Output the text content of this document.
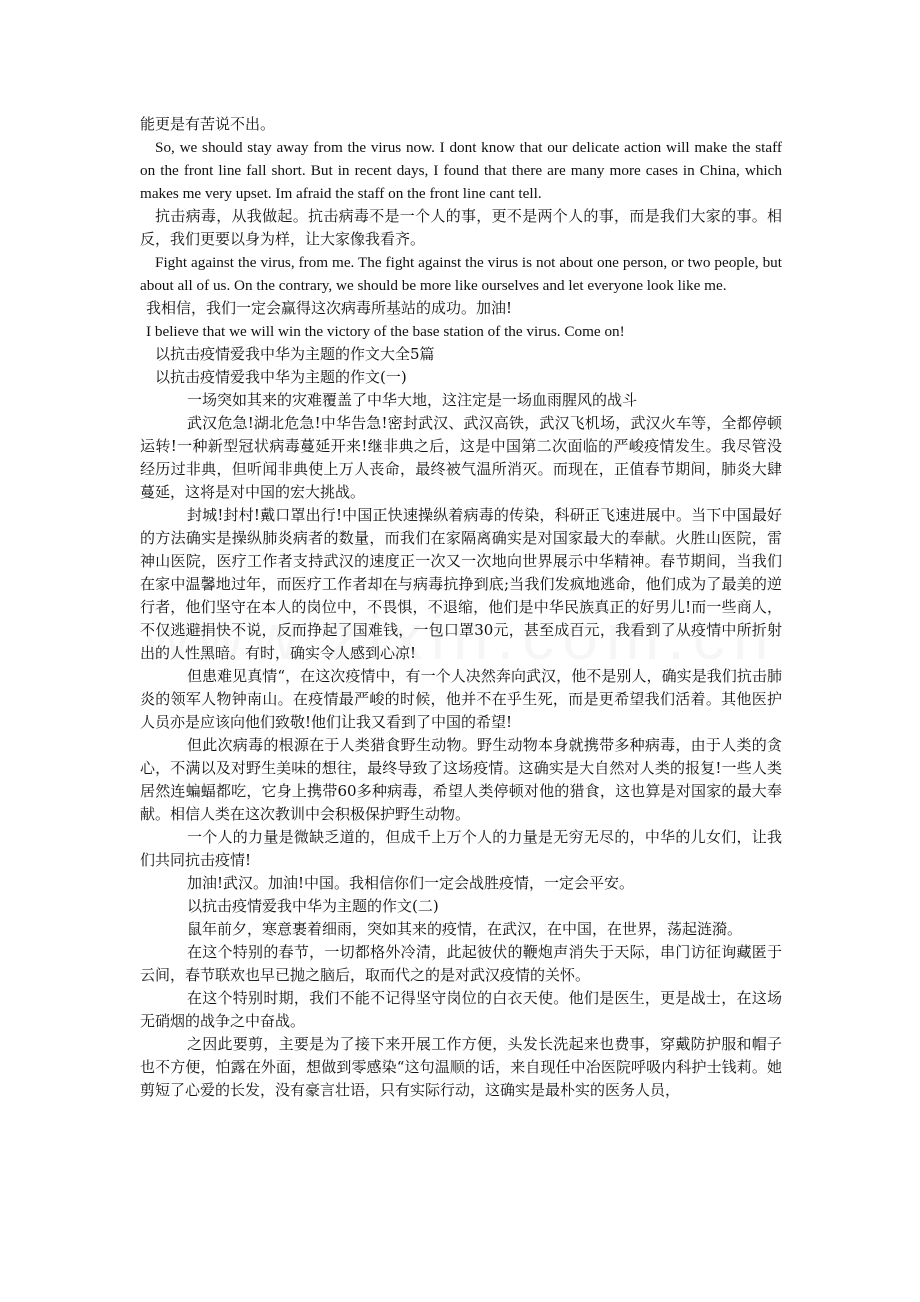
能更是有苦说不出。

So, we should stay away from the virus now. I dont know that our delicate action will make the staff on the front line fall short. But in recent days, I found that there are many more cases in China, which makes me very upset. Im afraid the staff on the front line cant tell.

抗击病毒，从我做起。抗击病毒不是一个人的事，更不是两个人的事，而是我们大家的事。相反，我们更要以身为样，让大家像我看齐。

Fight against the virus, from me. The fight against the virus is not about one person, or two people, but about all of us. On the contrary, we should be more like ourselves and let everyone look like me.

我相信，我们一定会赢得这次病毒所基站的成功。加油!

I believe that we will win the victory of the base station of the virus. Come on!

以抗击疫情爱我中华为主题的作文大全5篇

以抗击疫情爱我中华为主题的作文(一)

一场突如其来的灾难覆盖了中华大地，这注定是一场血雨腥风的战斗

武汉危急!湖北危急!中华告急!密封武汉、武汉高铁，武汉飞机场，武汉火车等，全都停顿运转!一种新型冠状病毒蔓延开来!继非典之后，这是中国第二次面临的严峻疫情发生。我尽管没经历过非典，但听闻非典使上万人丧命，最终被气温所消灭。而现在，正值春节期间，肺炎大肆蔓延，这将是对中国的宏大挑战。

封城!封村!戴口罩出行!中国正快速操纵着病毒的传染，科研正飞速进展中。当下中国最好的方法确实是操纵肺炎病者的数量，而我们在家隔离确实是对国家最大的奉献。火胜山医院，雷神山医院，医疗工作者支持武汉的速度正一次又一次地向世界展示中华精神。春节期间，当我们在家中温馨地过年，而医疗工作者却在与病毒抗挣到底;当我们发疯地逃命，他们成为了最美的逆行者，他们坚守在本人的岗位中，不畏惧，不退缩，他们是中华民族真正的好男儿!而一些商人，不仅逃避捐快不说，反而挣起了国难钱，一包口罩30元，甚至成百元，我看到了从疫情中所折射出的人性黑暗。有时，确实令人感到心凉!

但患难见真情“，在这次疫情中，有一个人决然奔向武汉，他不是别人，确实是我们抗击肺炎的领军人物钟南山。在疫情最严峻的时候，他并不在乎生死，而是更希望我们活着。其他医护人员亦是应该向他们致敬!他们让我又看到了中国的希望!

但此次病毒的根源在于人类猎食野生动物。野生动物本身就携带多种病毒，由于人类的贪心，不满以及对野生美味的想往，最终导致了这场疫情。这确实是大自然对人类的报复!一些人类居然连蝙蝠都吃，它身上携带60多种病毒，希望人类停顿对他的猎食，这也算是对国家的最大奉献。相信人类在这次教训中会积极保护野生动物。

一个人的力量是微缺乏道的，但成千上万个人的力量是无穷无尽的，中华的儿女们，让我们共同抗击疫情!

加油!武汉。加油!中国。我相信你们一定会战胜疫情，一定会平安。

以抗击疫情爱我中华为主题的作文(二)

鼠年前夕，寒意裹着细雨，突如其来的疫情，在武汉，在中国，在世界，荡起涟漪。

在这个特别的春节，一切都格外冷清，此起彼伏的鞭炮声消失于天际，串门访征询藏匿于云间，春节联欢也早已抛之脑后，取而代之的是对武汉疫情的关怀。

在这个特别时期，我们不能不记得坚守岗位的白衣天使。他们是医生，更是战士，在这场无硝烟的战争之中奋战。

之因此要剪，主要是为了接下来开展工作方便，头发长洗起来也费事，穿戴防护服和帽子也不方便，怕露在外面，想做到零感染“这句温顺的话，来自现任中冶医院呼吸内科护士钱莉。她剪短了心爱的长发，没有豪言壮语，只有实际行动，这确实是最朴实的医务人员，
